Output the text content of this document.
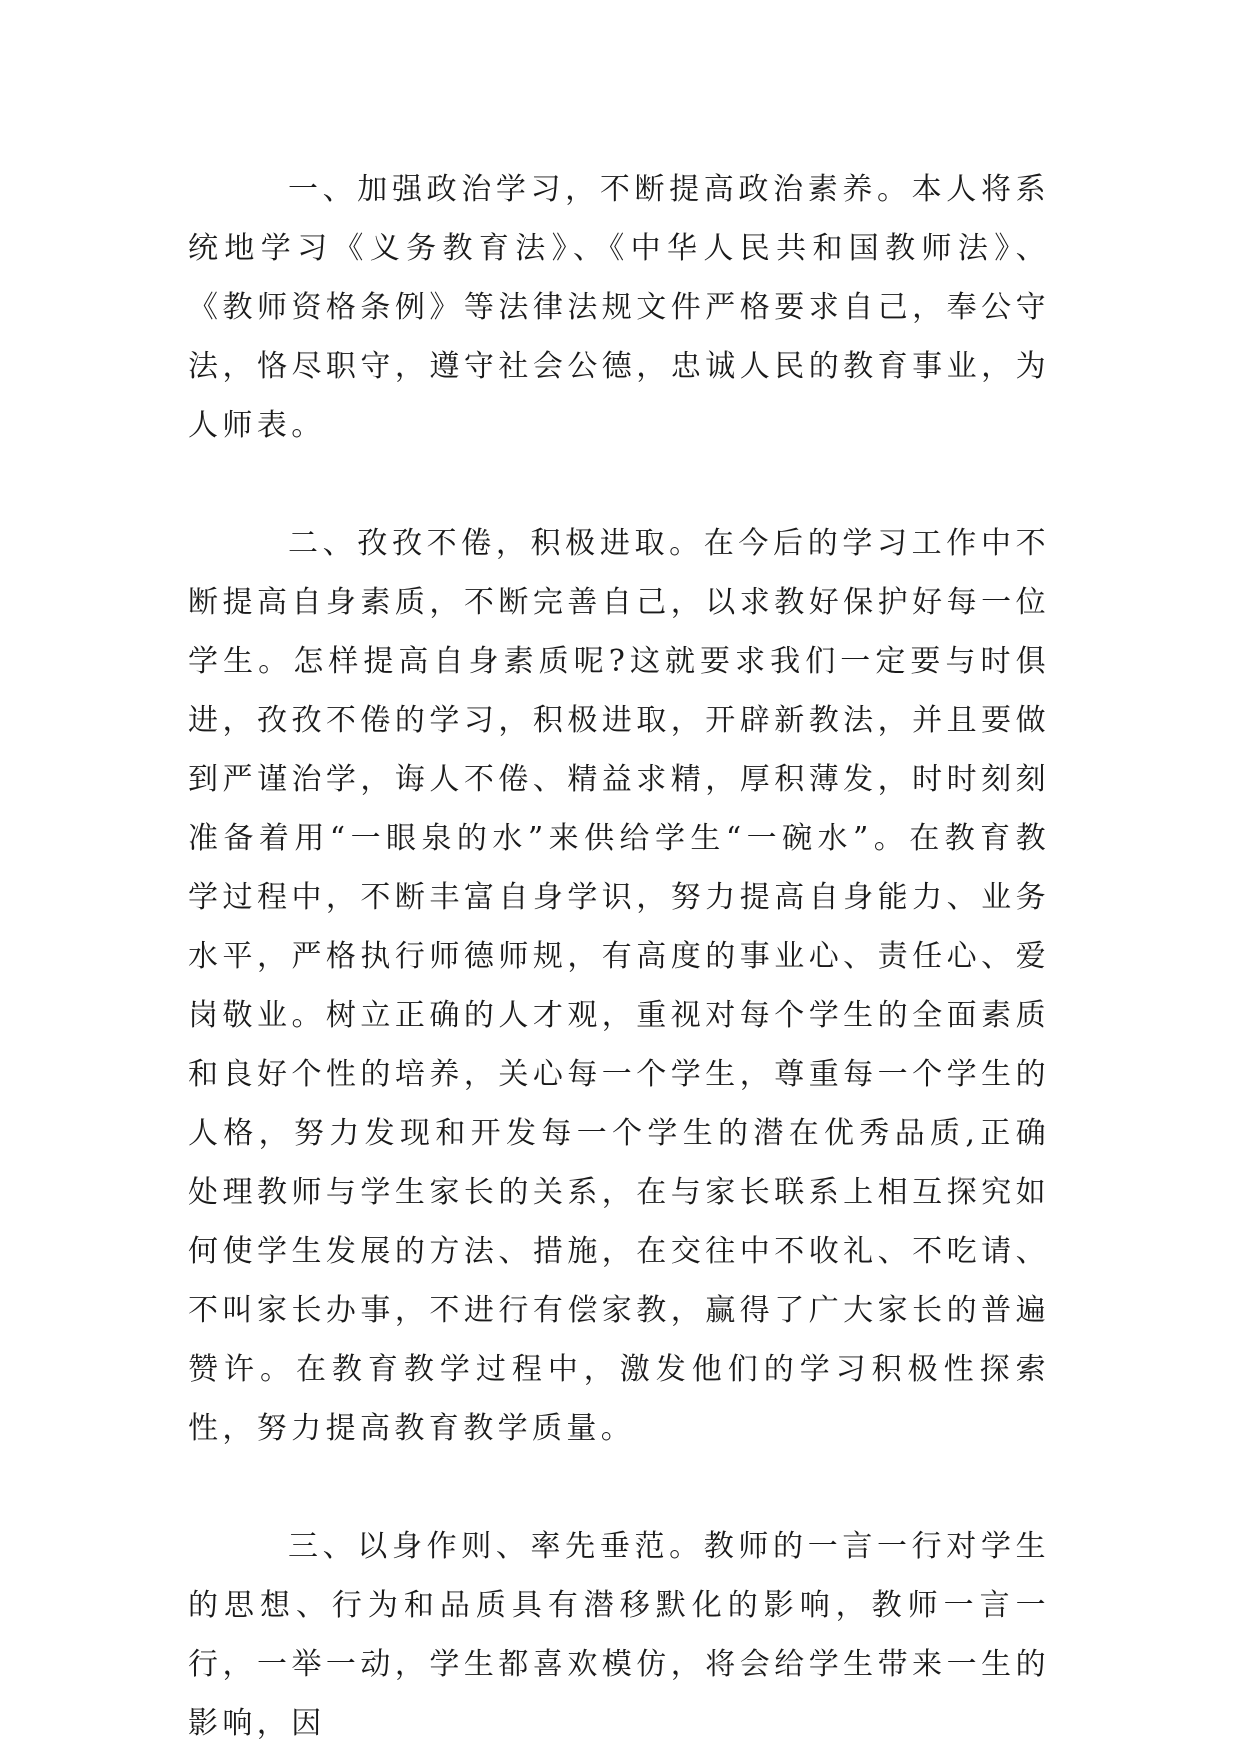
一、加强政治学习，不断提高政治素养。本人将系统地学习《义务教育法》、《中华人民共和国教师法》、《教师资格条例》等法律法规文件严格要求自己，奉公守法，恪尽职守，遵守社会公德，忠诚人民的教育事业，为人师表。

二、孜孜不倦，积极进取。在今后的学习工作中不断提高自身素质，不断完善自己，以求教好保护好每一位学生。怎样提高自身素质呢?这就要求我们一定要与时俱进，孜孜不倦的学习，积极进取，开辟新教法，并且要做到严谨治学，诲人不倦、精益求精，厚积薄发，时时刻刻准备着用“一眼泉的水”来供给学生“一碗水”。在教育教学过程中，不断丰富自身学识，努力提高自身能力、业务水平，严格执行师德师规，有高度的事业心、责任心、爱岗敬业。树立正确的人才观，重视对每个学生的全面素质和良好个性的培养，关心每一个学生，尊重每一个学生的人格，努力发现和开发每一个学生的潜在优秀品质,正确处理教师与学生家长的关系，在与家长联系上相互探究如何使学生发展的方法、措施，在交往中不收礼、不吃请、不叫家长办事，不进行有偿家教，赢得了广大家长的普遍赞许。在教育教学过程中，激发他们的学习积极性探索性，努力提高教育教学质量。

三、以身作则、率先垂范。教师的一言一行对学生的思想、行为和品质具有潜移默化的影响，教师一言一行，一举一动，学生都喜欢模仿，将会给学生带来一生的影响，因
